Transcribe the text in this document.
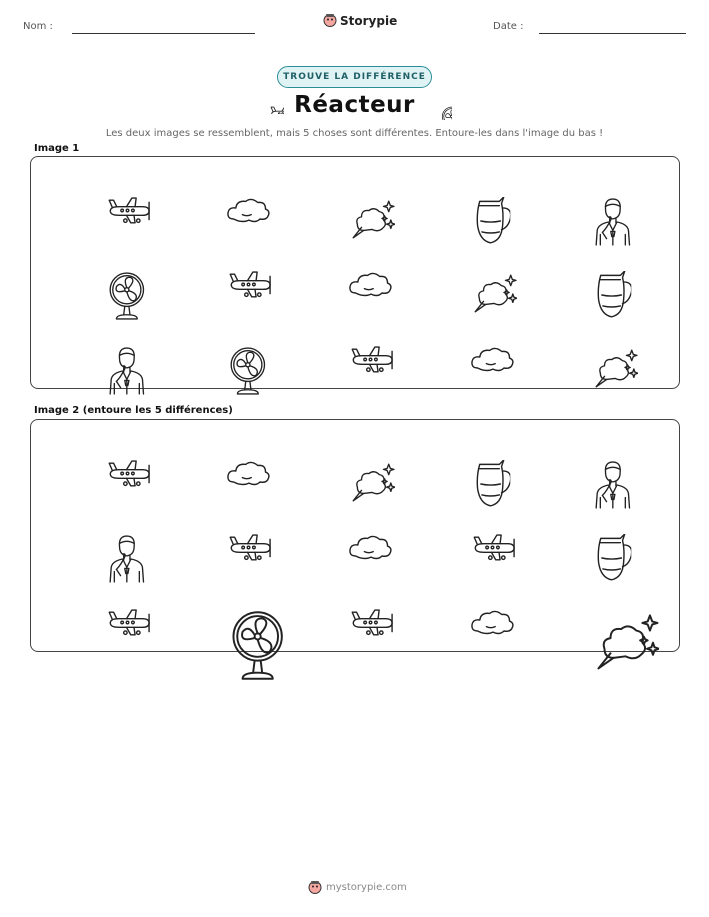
Nom :	Storypie	Date :
TROUVE LA DIFFÉRENCE
Réacteur
Les deux images se ressemblent, mais 5 choses sont différentes. Entoure-les dans l'image du bas !
Image 1
Image 2 (entoure les 5 différences)
mystorypie.com
